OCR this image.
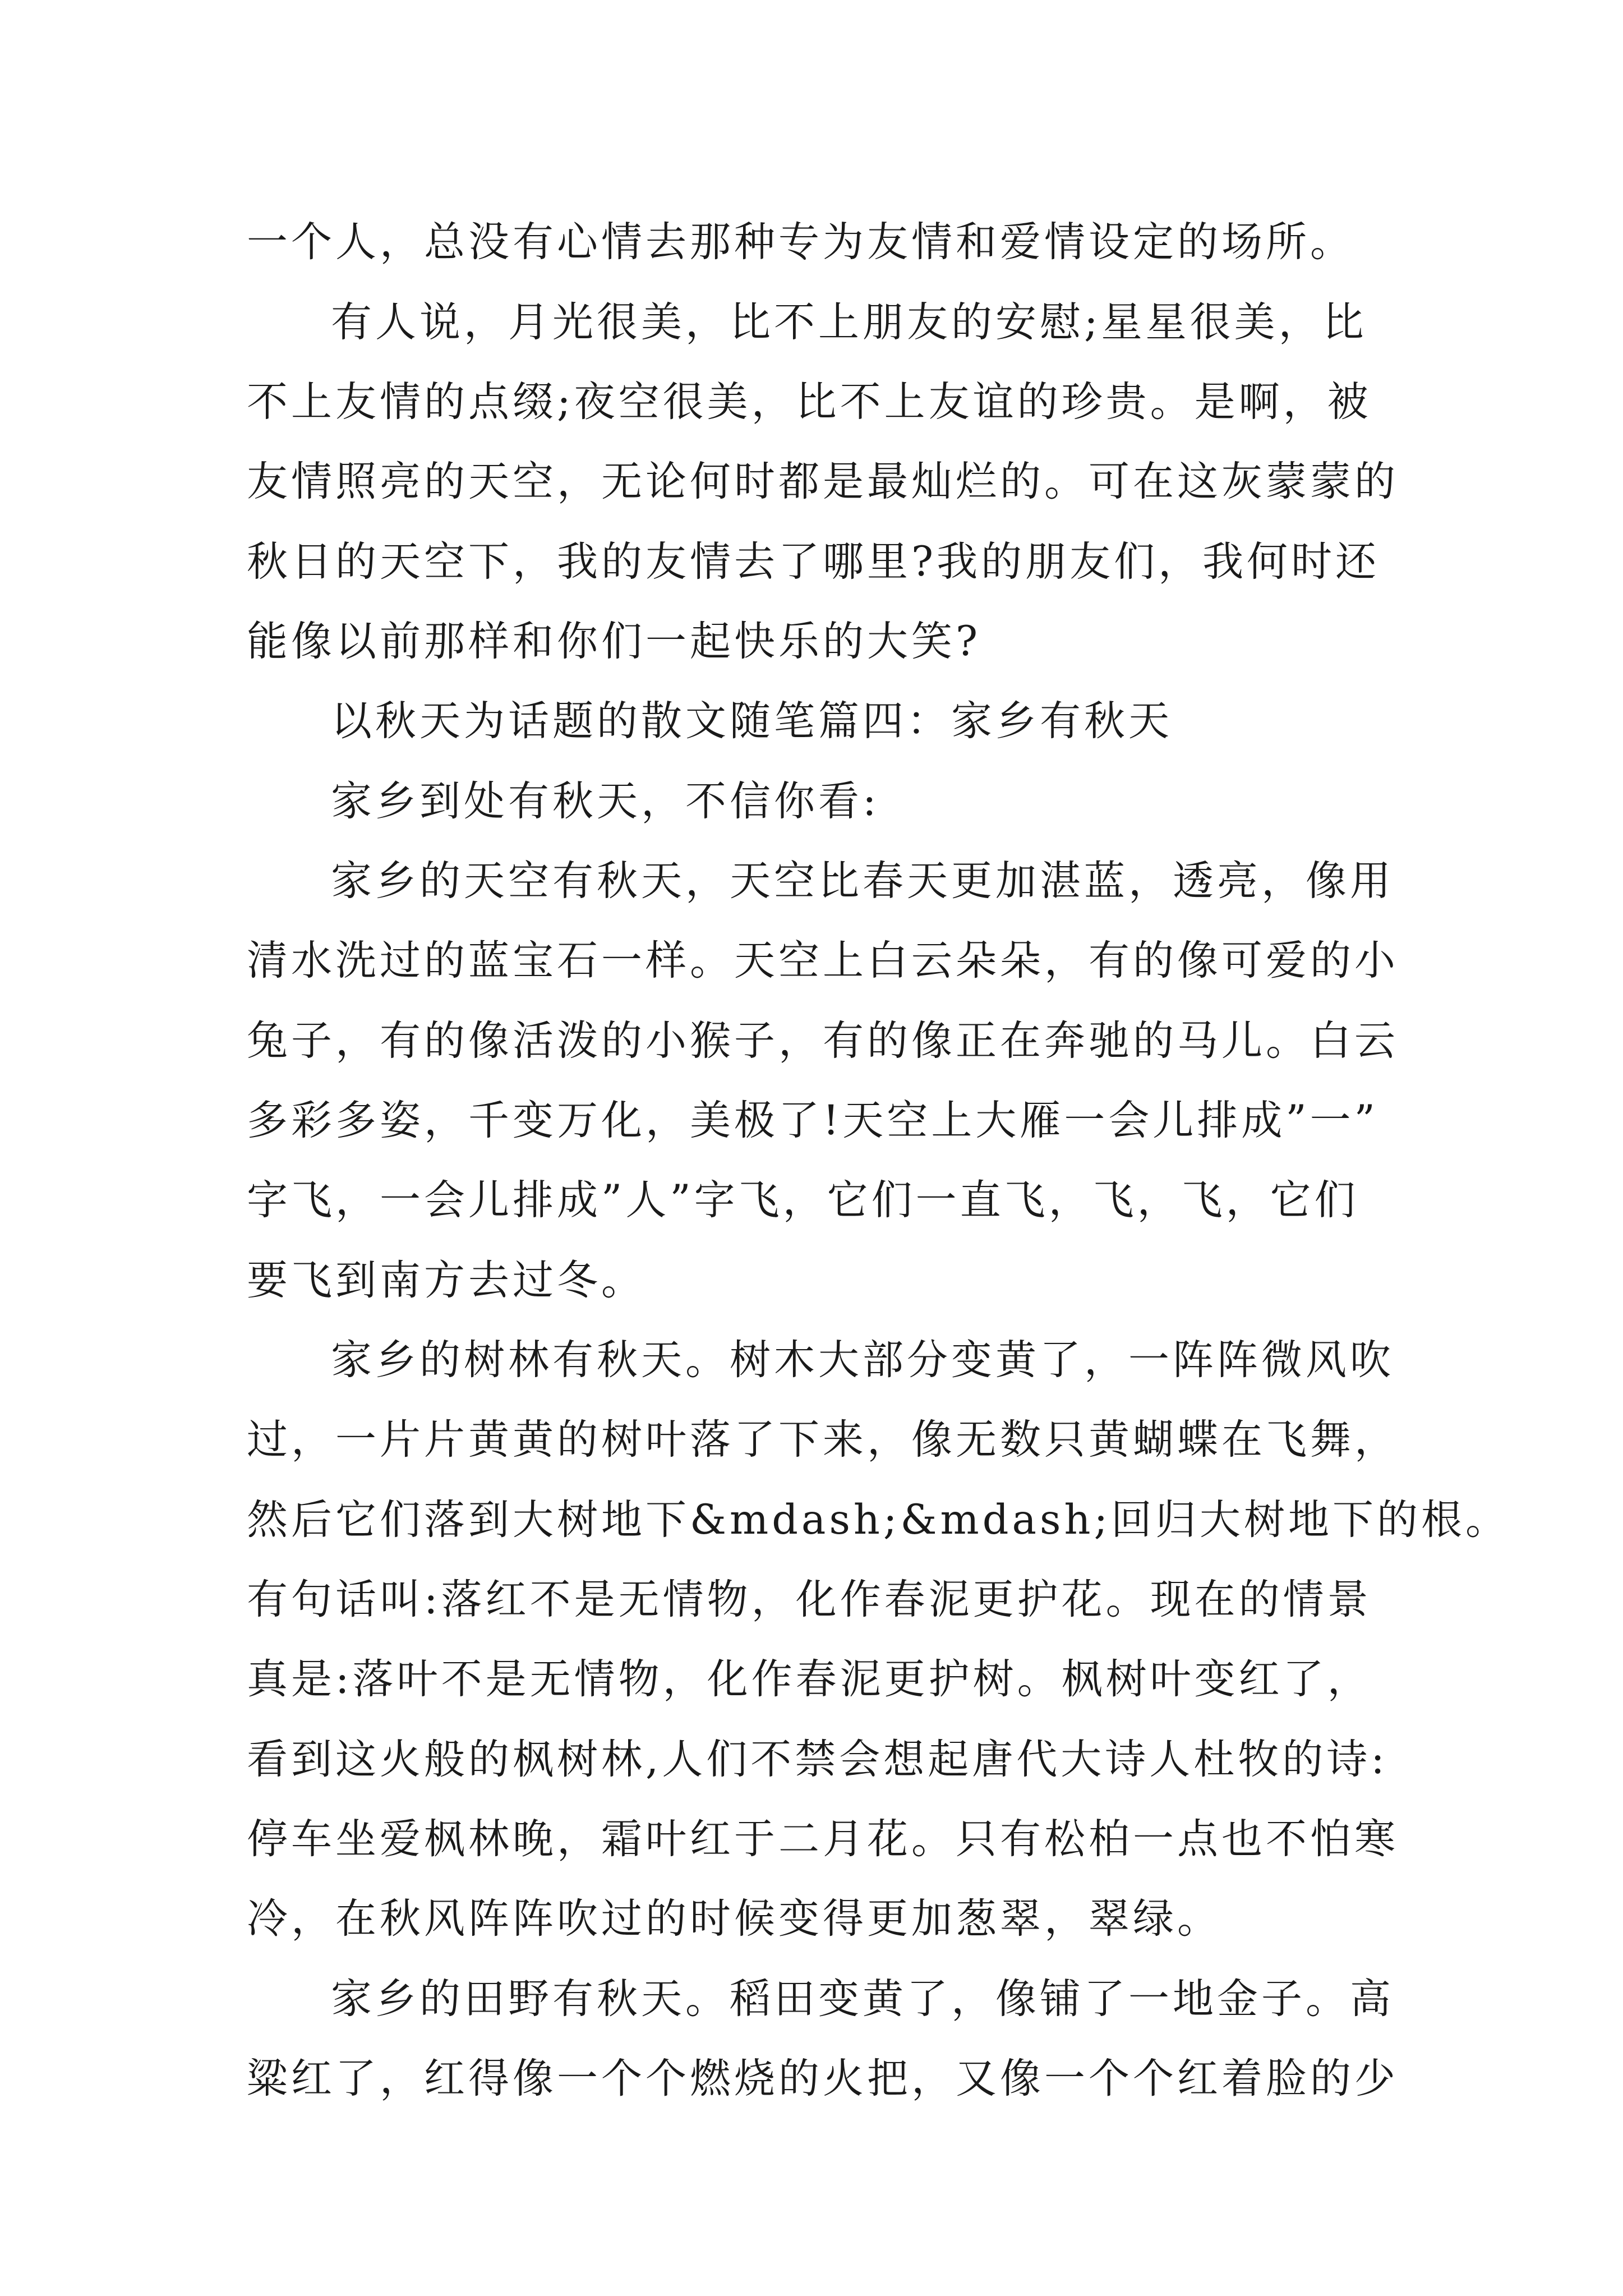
一个人，总没有心情去那种专为友情和爱情设定的场所。
有人说，月光很美，比不上朋友的安慰;星星很美，比
不上友情的点缀;夜空很美，比不上友谊的珍贵。是啊，被
友情照亮的天空，无论何时都是最灿烂的。可在这灰蒙蒙的
秋日的天空下，我的友情去了哪里?我的朋友们，我何时还
能像以前那样和你们一起快乐的大笑?
以秋天为话题的散文随笔篇四：家乡有秋天
家乡到处有秋天，不信你看:
家乡的天空有秋天，天空比春天更加湛蓝，透亮，像用
清水洗过的蓝宝石一样。天空上白云朵朵，有的像可爱的小
兔子，有的像活泼的小猴子，有的像正在奔驰的马儿。白云
多彩多姿，千变万化，美极了!天空上大雁一会儿排成”一”
字飞，一会儿排成”人”字飞，它们一直飞，飞，飞，它们
要飞到南方去过冬。
家乡的树林有秋天。树木大部分变黄了，一阵阵微风吹
过，一片片黄黄的树叶落了下来，像无数只黄蝴蝶在飞舞，
然后它们落到大树地下&mdash;&mdash;回归大树地下的根。
有句话叫:落红不是无情物，化作春泥更护花。现在的情景
真是:落叶不是无情物，化作春泥更护树。枫树叶变红了，
看到这火般的枫树林,人们不禁会想起唐代大诗人杜牧的诗:
停车坐爱枫林晚，霜叶红于二月花。只有松柏一点也不怕寒
冷，在秋风阵阵吹过的时候变得更加葱翠，翠绿。
家乡的田野有秋天。稻田变黄了，像铺了一地金子。高
粱红了，红得像一个个燃烧的火把，又像一个个红着脸的少
